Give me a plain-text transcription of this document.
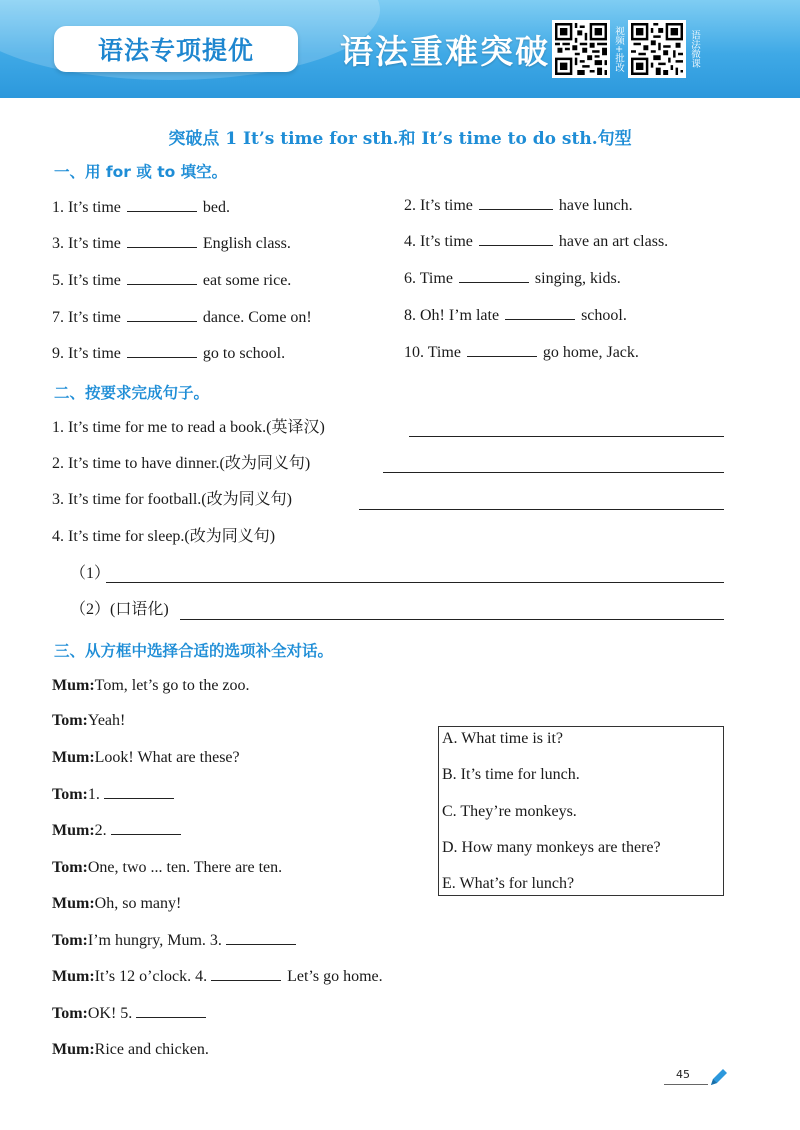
语法专项提优	语法重难突破	视频+批改	语法微课
突破点 1 It’s time for sth.和 It’s time to do sth.句型
一、用 for 或 to 填空。
1. It’s time	bed.	2. It’s time	have lunch.
3. It’s time	English class.	4. It’s time	have an art class.
5. It’s time	eat some rice.	6. Time	singing, kids.
7. It’s time	dance. Come on!	8. Oh! I’m late	school.
9. It’s time	go to school.	10. Time	go home, Jack.
二、按要求完成句子。
1. It’s time for me to read a book.(英译汉)
2. It’s time to have dinner.(改为同义句)
3. It’s time for football.(改为同义句)
4. It’s time for sleep.(改为同义句)
（1）
（2）(口语化)
三、从方框中选择合适的选项补全对话。
Mum:Tom, let’s go to the zoo.
Tom:Yeah!
Mum:Look! What are these?
Tom:1.
Mum:2.
Tom:One, two ... ten. There are ten.
Mum:Oh, so many!
Tom:I’m hungry, Mum. 3.
Mum:It’s 12 o’clock. 4.	Let’s go home.
Tom:OK! 5.
Mum:Rice and chicken.
A. What time is it?
B. It’s time for lunch.
C. They’re monkeys.
D. How many monkeys are there?
E. What’s for lunch?
45
